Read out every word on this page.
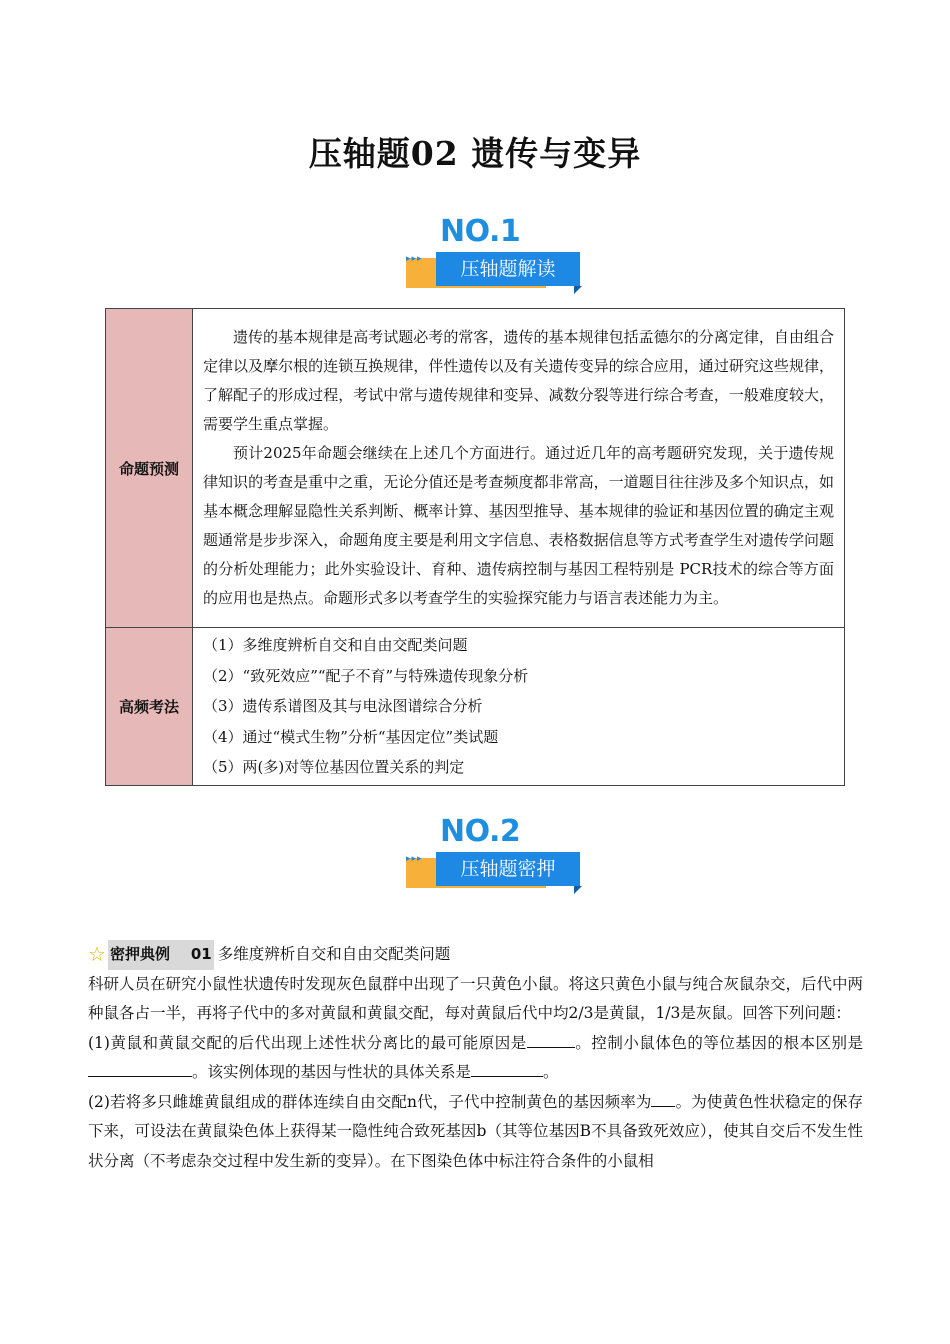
压轴题02 遗传与变异
▸▸▸
NO.1
压轴题解读
命题预测	遗传的基本规律是高考试题必考的常客，遗传的基本规律包括孟德尔的分离定律，自由组合定律以及摩尔根的连锁互换规律，伴性遗传以及有关遗传变异的综合应用，通过研究这些规律，了解配子的形成过程，考试中常与遗传规律和变异、减数分裂等进行综合考查，一般难度较大，需要学生重点掌握。
预计2025年命题会继续在上述几个方面进行。通过近几年的高考题研究发现，关于遗传规律知识的考查是重中之重，无论分值还是考查频度都非常高，一道题目往往涉及多个知识点，如基本概念理解显隐性关系判断、概率计算、基因型推导、基本规律的验证和基因位置的确定主观题通常是步步深入，命题角度主要是利用文字信息、表格数据信息等方式考查学生对遗传学问题的分析处理能力；此外实验设计、育种、遗传病控制与基因工程特别是 PCR技术的综合等方面的应用也是热点。命题形式多以考查学生的实验探究能力与语言表述能力为主。

高频考法	（1）多维度辨析自交和自由交配类问题
（2）“致死效应”“配子不育”与特殊遗传现象分析
（3）遗传系谱图及其与电泳图谱综合分析
（4）通过“模式生物”分析“基因定位”类试题
（5）两(多)对等位基因位置关系的判定
▸▸▸
NO.2
压轴题密押
☆ 密押典例 01 多维度辨析自交和自由交配类问题
科研人员在研究小鼠性状遗传时发现灰色鼠群中出现了一只黄色小鼠。将这只黄色小鼠与纯合灰鼠杂交，后代中两种鼠各占一半，再将子代中的多对黄鼠和黄鼠交配，每对黄鼠后代中均2/3是黄鼠，1/3是灰鼠。回答下列问题：
(1)黄鼠和黄鼠交配的后代出现上述性状分离比的最可能原因是	。控制小鼠体色的等位基因的根本区别是。该实例体现的基因与性状的具体关系是	。
(2)若将多只雌雄黄鼠组成的群体连续自由交配n代，子代中控制黄色的基因频率为 。为使黄色性状稳定的保存下来，可设法在黄鼠染色体上获得某一隐性纯合致死基因b（其等位基因B不具备致死效应），使其自交后不发生性状分离（不考虑杂交过程中发生新的变异）。在下图染色体中标注符合条件的小鼠相
